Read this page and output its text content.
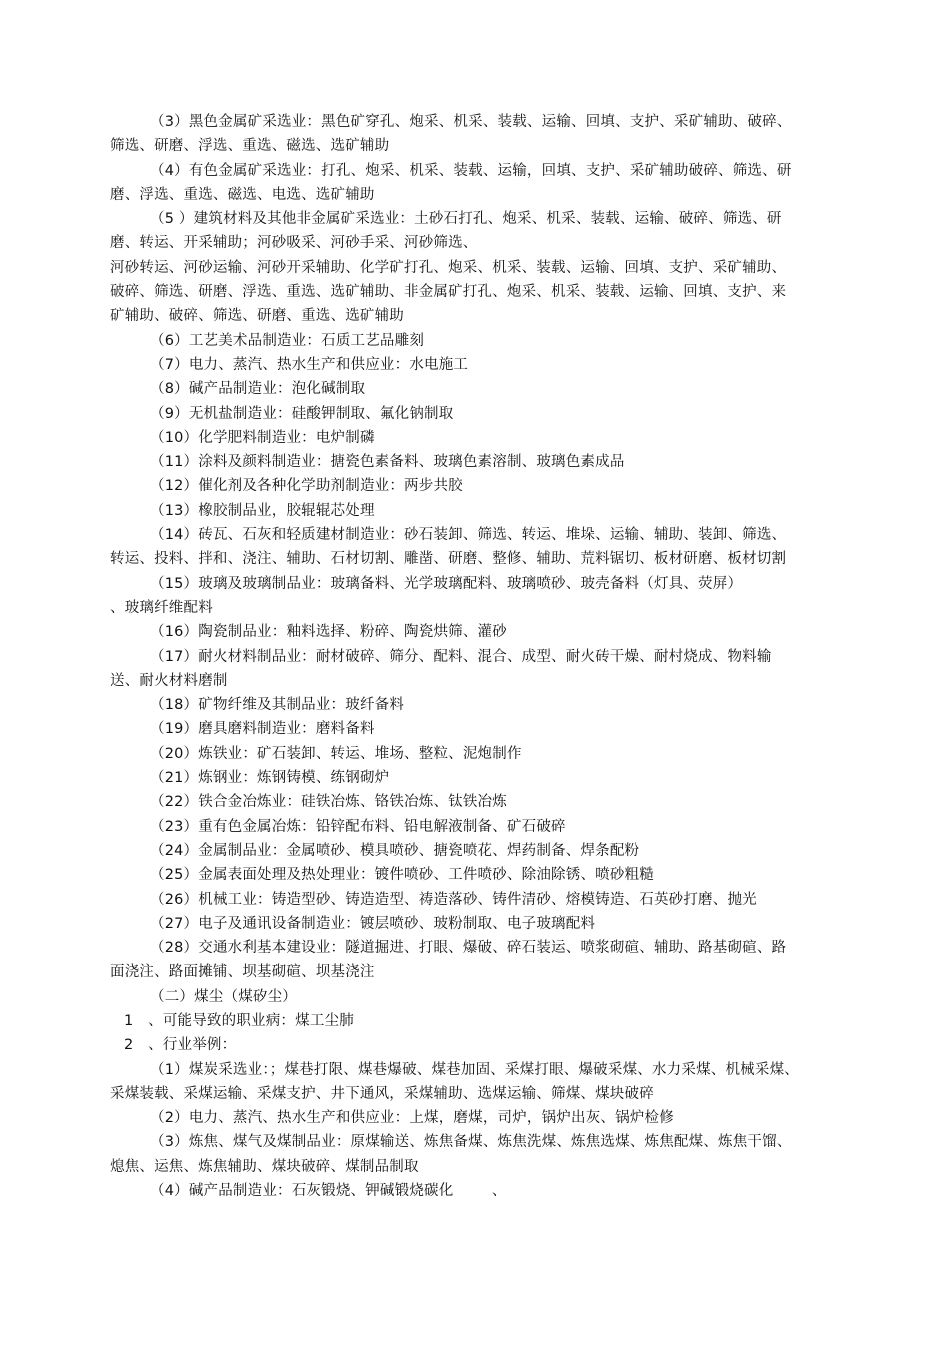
（3）黑色金属矿采选业：黑色矿穿孔、炮采、机采、装载、运输、回填、支护、采矿辅助、破碎、筛选、研磨、浮选、重选、磁选、选矿辅助

（4）有色金属矿采选业：打孔、炮采、机采、装载、运输，回填、支护、采矿辅助破碎、筛选、研磨、浮选、重选、磁选、电选、选矿辅助

（5 ）建筑材料及其他非金属矿采选业：土砂石打孔、炮采、机采、装载、运输、破碎、筛选、研磨、转运、开采辅助；河砂吸采、河砂手采、河砂筛选、

河砂转运、河砂运输、河砂开采辅助、化学矿打孔、炮采、机采、装载、运输、回填、支护、采矿辅助、破碎、筛选、研磨、浮选、重选、选矿辅助、非金属矿打孔、炮采、机采、装载、运输、回填、支护、来矿辅助、破碎、筛选、研磨、重选、选矿辅助

（6）工艺美术品制造业：石质工艺品雕刻

（7）电力、蒸汽、热水生产和供应业：水电施工

（8）碱产品制造业：泡化碱制取

（9）无机盐制造业：硅酸钾制取、氟化钠制取

（10）化学肥料制造业：电炉制磷

（11）涂料及颜料制造业：搪瓷色素备料、玻璃色素溶制、玻璃色素成品

（12）催化剂及各种化学助剂制造业：两步共胶

（13）橡胶制品业，胶辊辊芯处理

（14）砖瓦、石灰和轻质建材制造业：砂石装卸、筛选、转运、堆垛、运输、辅助、装卸、筛选、转运、投料、拌和、浇注、辅助、石材切割、雕凿、研磨、整修、辅助、荒料锯切、板材研磨、板材切割

（15）玻璃及玻璃制品业：玻璃备料、光学玻璃配料、玻璃喷砂、玻壳备料（灯具、荧屏）           、玻璃纤维配料

（16）陶瓷制品业：釉料选择、粉碎、陶瓷烘筛、灌砂

（17）耐火材料制品业：耐材破碎、筛分、配料、混合、成型、耐火砖干燥、耐村烧成、物料输送、耐火材料磨制

（18）矿物纤维及其制品业：玻纤备料

（19）磨具磨料制造业：磨料备料

（20）炼铁业：矿石装卸、转运、堆场、整粒、泥炮制作

（21）炼钢业：炼钢铸模、练钢砌炉

（22）铁合金冶炼业：硅铁冶炼、铬铁冶炼、钛铁冶炼

（23）重有色金属冶炼：铅锌配布料、铅电解液制备、矿石破碎

（24）金属制品业：金属喷砂、模具喷砂、搪瓷喷花、焊药制备、焊条配粉

（25）金属表面处理及热处理业：镀件喷砂、工件喷砂、除油除锈、喷砂粗糙

（26）机械工业：铸造型砂、铸造造型、祷造落砂、铸件清砂、熔模铸造、石英砂打磨、抛光

（27）电子及通讯设备制造业：镀层喷砂、玻粉制取、电子玻璃配料

（28）交通水利基本建设业：隧道掘进、打眼、爆破、碎石装运、喷浆砌碹、辅助、路基砌碹、路面浇注、路面摊铺、坝基砌碹、坝基浇注

（二）煤尘（煤矽尘）

1　、可能导致的职业病：煤工尘肺

2　、行业举例：

（1）煤炭采选业：；煤巷打限、煤巷爆破、煤巷加固、采煤打眼、爆破采煤、水力采煤、机械采煤、采煤装载、采煤运输、采煤支护、井下通风，采煤辅助、选煤运输、筛煤、煤块破碎

（2）电力、蒸汽、热水生产和供应业：上煤，磨煤，司炉，锅炉出灰、锅炉检修

（3）炼焦、煤气及煤制品业：原煤输送、炼焦备煤、炼焦洗煤、炼焦选煤、炼焦配煤、炼焦干馏、熄焦、运焦、炼焦辅助、煤块破碎、煤制品制取

（4）碱产品制造业：石灰锻烧、钾碱锻烧碳化        、
